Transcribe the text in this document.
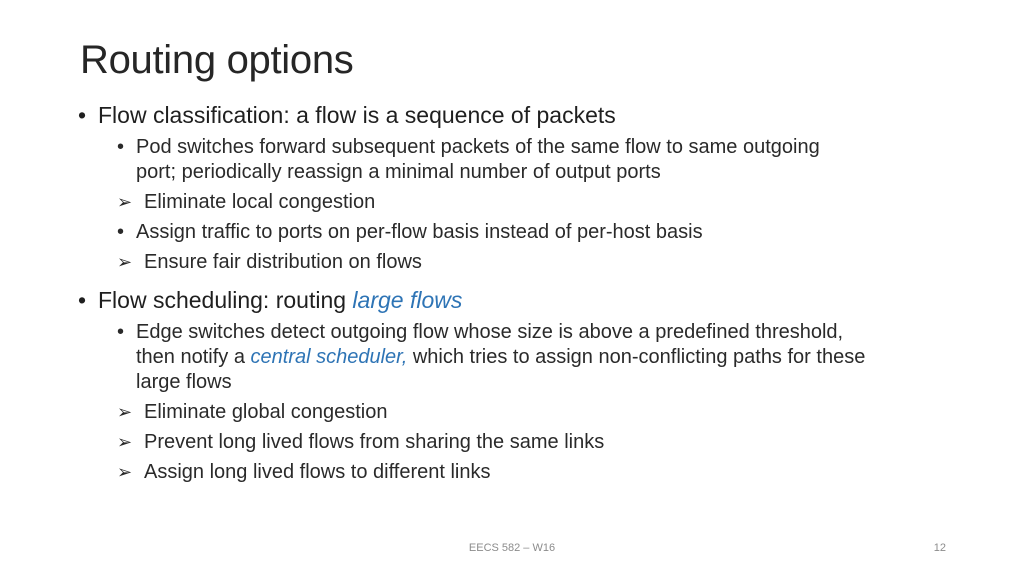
Routing options
• Flow classification: a flow is a sequence of packets
• Pod switches forward subsequent packets of the same flow to same outgoing
port; periodically reassign a minimal number of output ports
➢ Eliminate local congestion
• Assign traffic to ports on per-flow basis instead of per-host basis
➢ Ensure fair distribution on flows
• Flow scheduling: routing large flows
• Edge switches detect outgoing flow whose size is above a predefined threshold,
then notify a central scheduler, which tries to assign non-conflicting paths for these
large flows
➢ Eliminate global congestion
➢ Prevent long lived flows from sharing the same links
➢ Assign long lived flows to different links
EECS 582 – W16	12
